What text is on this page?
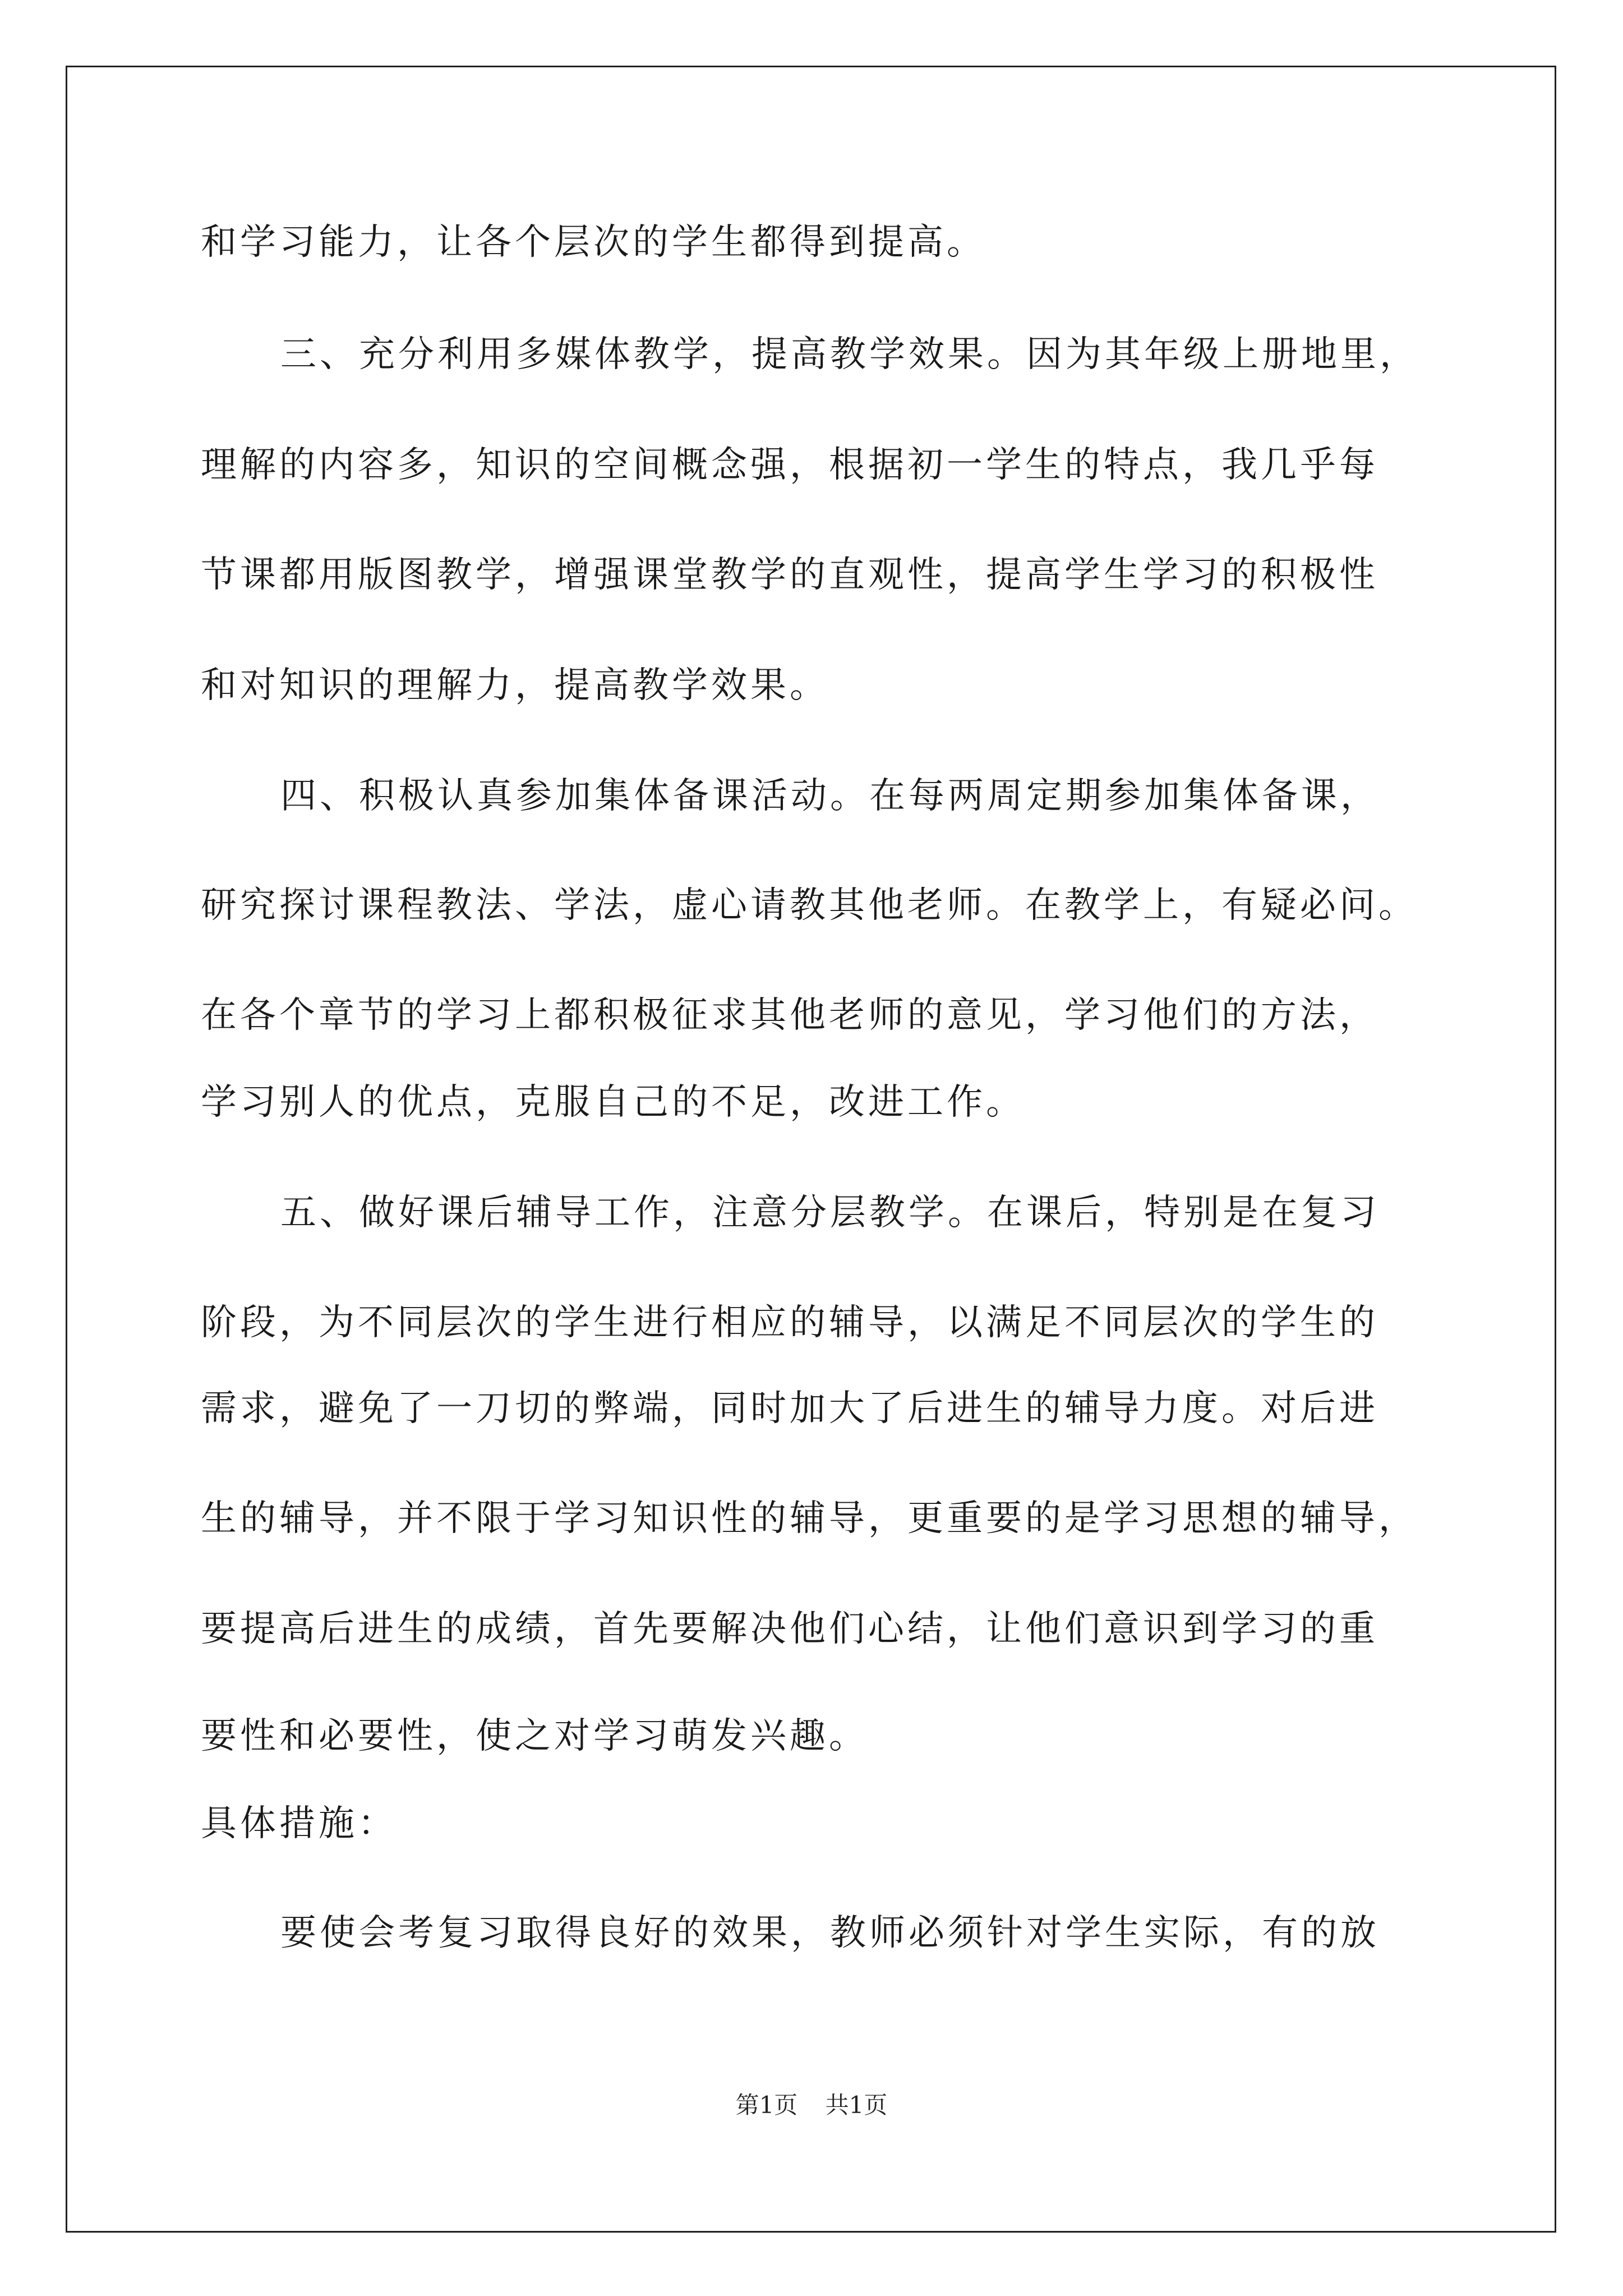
和学习能力，让各个层次的学生都得到提高。
三、充分利用多媒体教学，提高教学效果。因为其年级上册地里，
理解的内容多，知识的空间概念强，根据初一学生的特点，我几乎每
节课都用版图教学，增强课堂教学的直观性，提高学生学习的积极性
和对知识的理解力，提高教学效果。
四、积极认真参加集体备课活动。在每两周定期参加集体备课，
研究探讨课程教法、学法，虚心请教其他老师。在教学上，有疑必问。
在各个章节的学习上都积极征求其他老师的意见，学习他们的方法，
学习别人的优点，克服自己的不足，改进工作。
五、做好课后辅导工作，注意分层教学。在课后，特别是在复习
阶段，为不同层次的学生进行相应的辅导，以满足不同层次的学生的
需求，避免了一刀切的弊端，同时加大了后进生的辅导力度。对后进
生的辅导，并不限于学习知识性的辅导，更重要的是学习思想的辅导，
要提高后进生的成绩，首先要解决他们心结，让他们意识到学习的重
要性和必要性，使之对学习萌发兴趣。
具体措施：
要使会考复习取得良好的效果，教师必须针对学生实际，有的放
第1页 共1页
